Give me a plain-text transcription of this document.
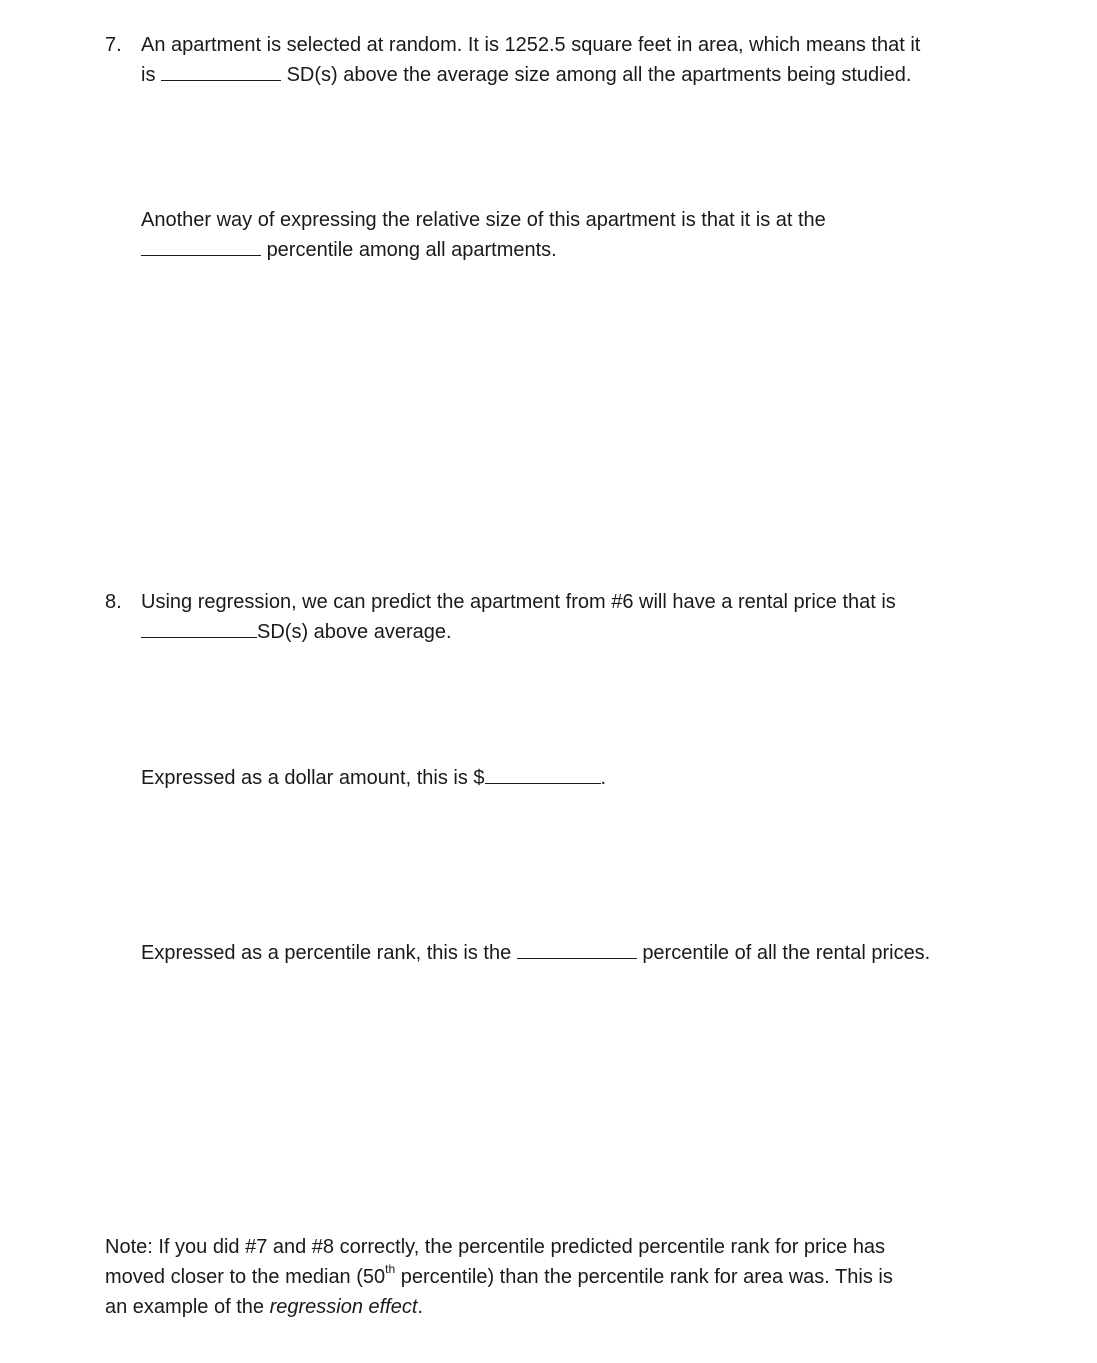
7. An apartment is selected at random. It is 1252.5 square feet in area, which means that it
is	SD(s) above the average size among all the apartments being studied.
Another way of expressing the relative size of this apartment is that it is at the
percentile among all apartments.
8. Using regression, we can predict the apartment from #6 will have a rental price that is
SD(s) above average.
Expressed as a dollar amount, this is $	.
Expressed as a percentile rank, this is the	percentile of all the rental prices.
Note: If you did #7 and #8 correctly, the percentile predicted percentile rank for price has
moved closer to the median (50th percentile) than the percentile rank for area was. This is
an example of the regression effect.
